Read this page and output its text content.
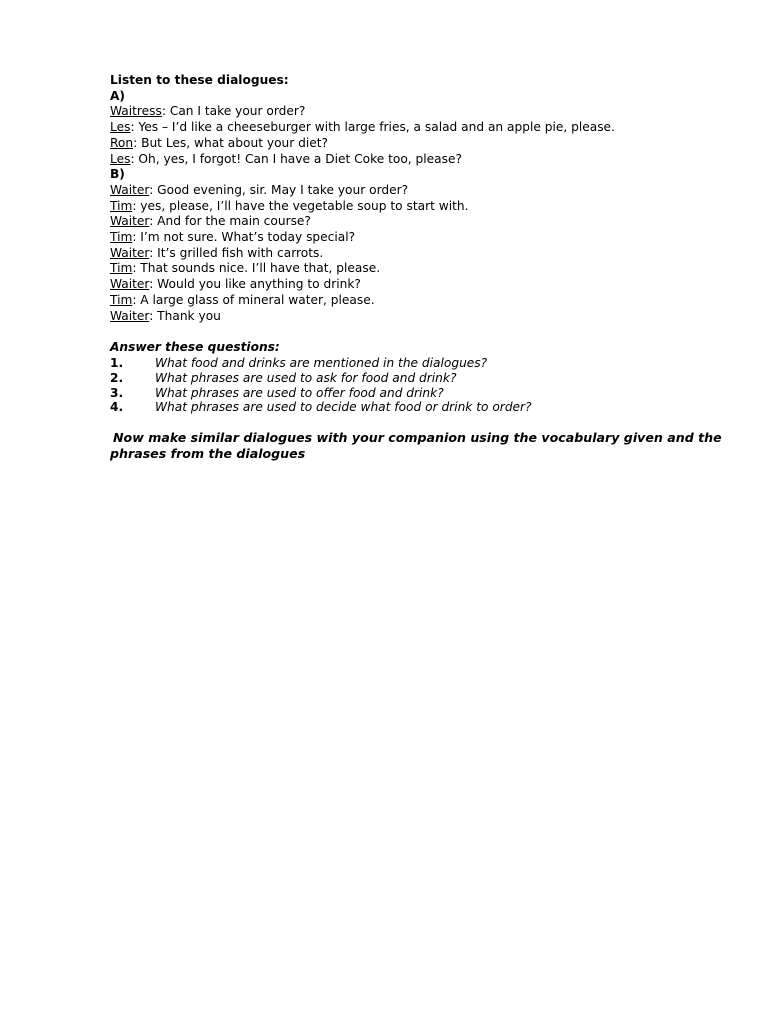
Listen to these dialogues:
A)
Waitress: Can I take your order?
Les: Yes – I’d like a cheeseburger with large fries, a salad and an apple pie, please.
Ron: But Les, what about your diet?
Les: Oh, yes, I forgot! Can I have a Diet Coke too, please?
B)
Waiter: Good evening, sir. May I take your order?
Tim: yes, please, I’ll have the vegetable soup to start with.
Waiter: And for the main course?
Tim: I’m not sure. What’s today special?
Waiter: It’s grilled fish with carrots.
Tim: That sounds nice. I’ll have that, please.
Waiter: Would you like anything to drink?
Tim: A large glass of mineral water, please.
Waiter: Thank you
Answer these questions:
1.	What food and drinks are mentioned in the dialogues?
2.	What phrases are used to ask for food and drink?
3.	What phrases are used to offer food and drink?
4.	What phrases are used to decide what food or drink to order?
Now make similar dialogues with your companion using the vocabulary given and the phrases from the dialogues
